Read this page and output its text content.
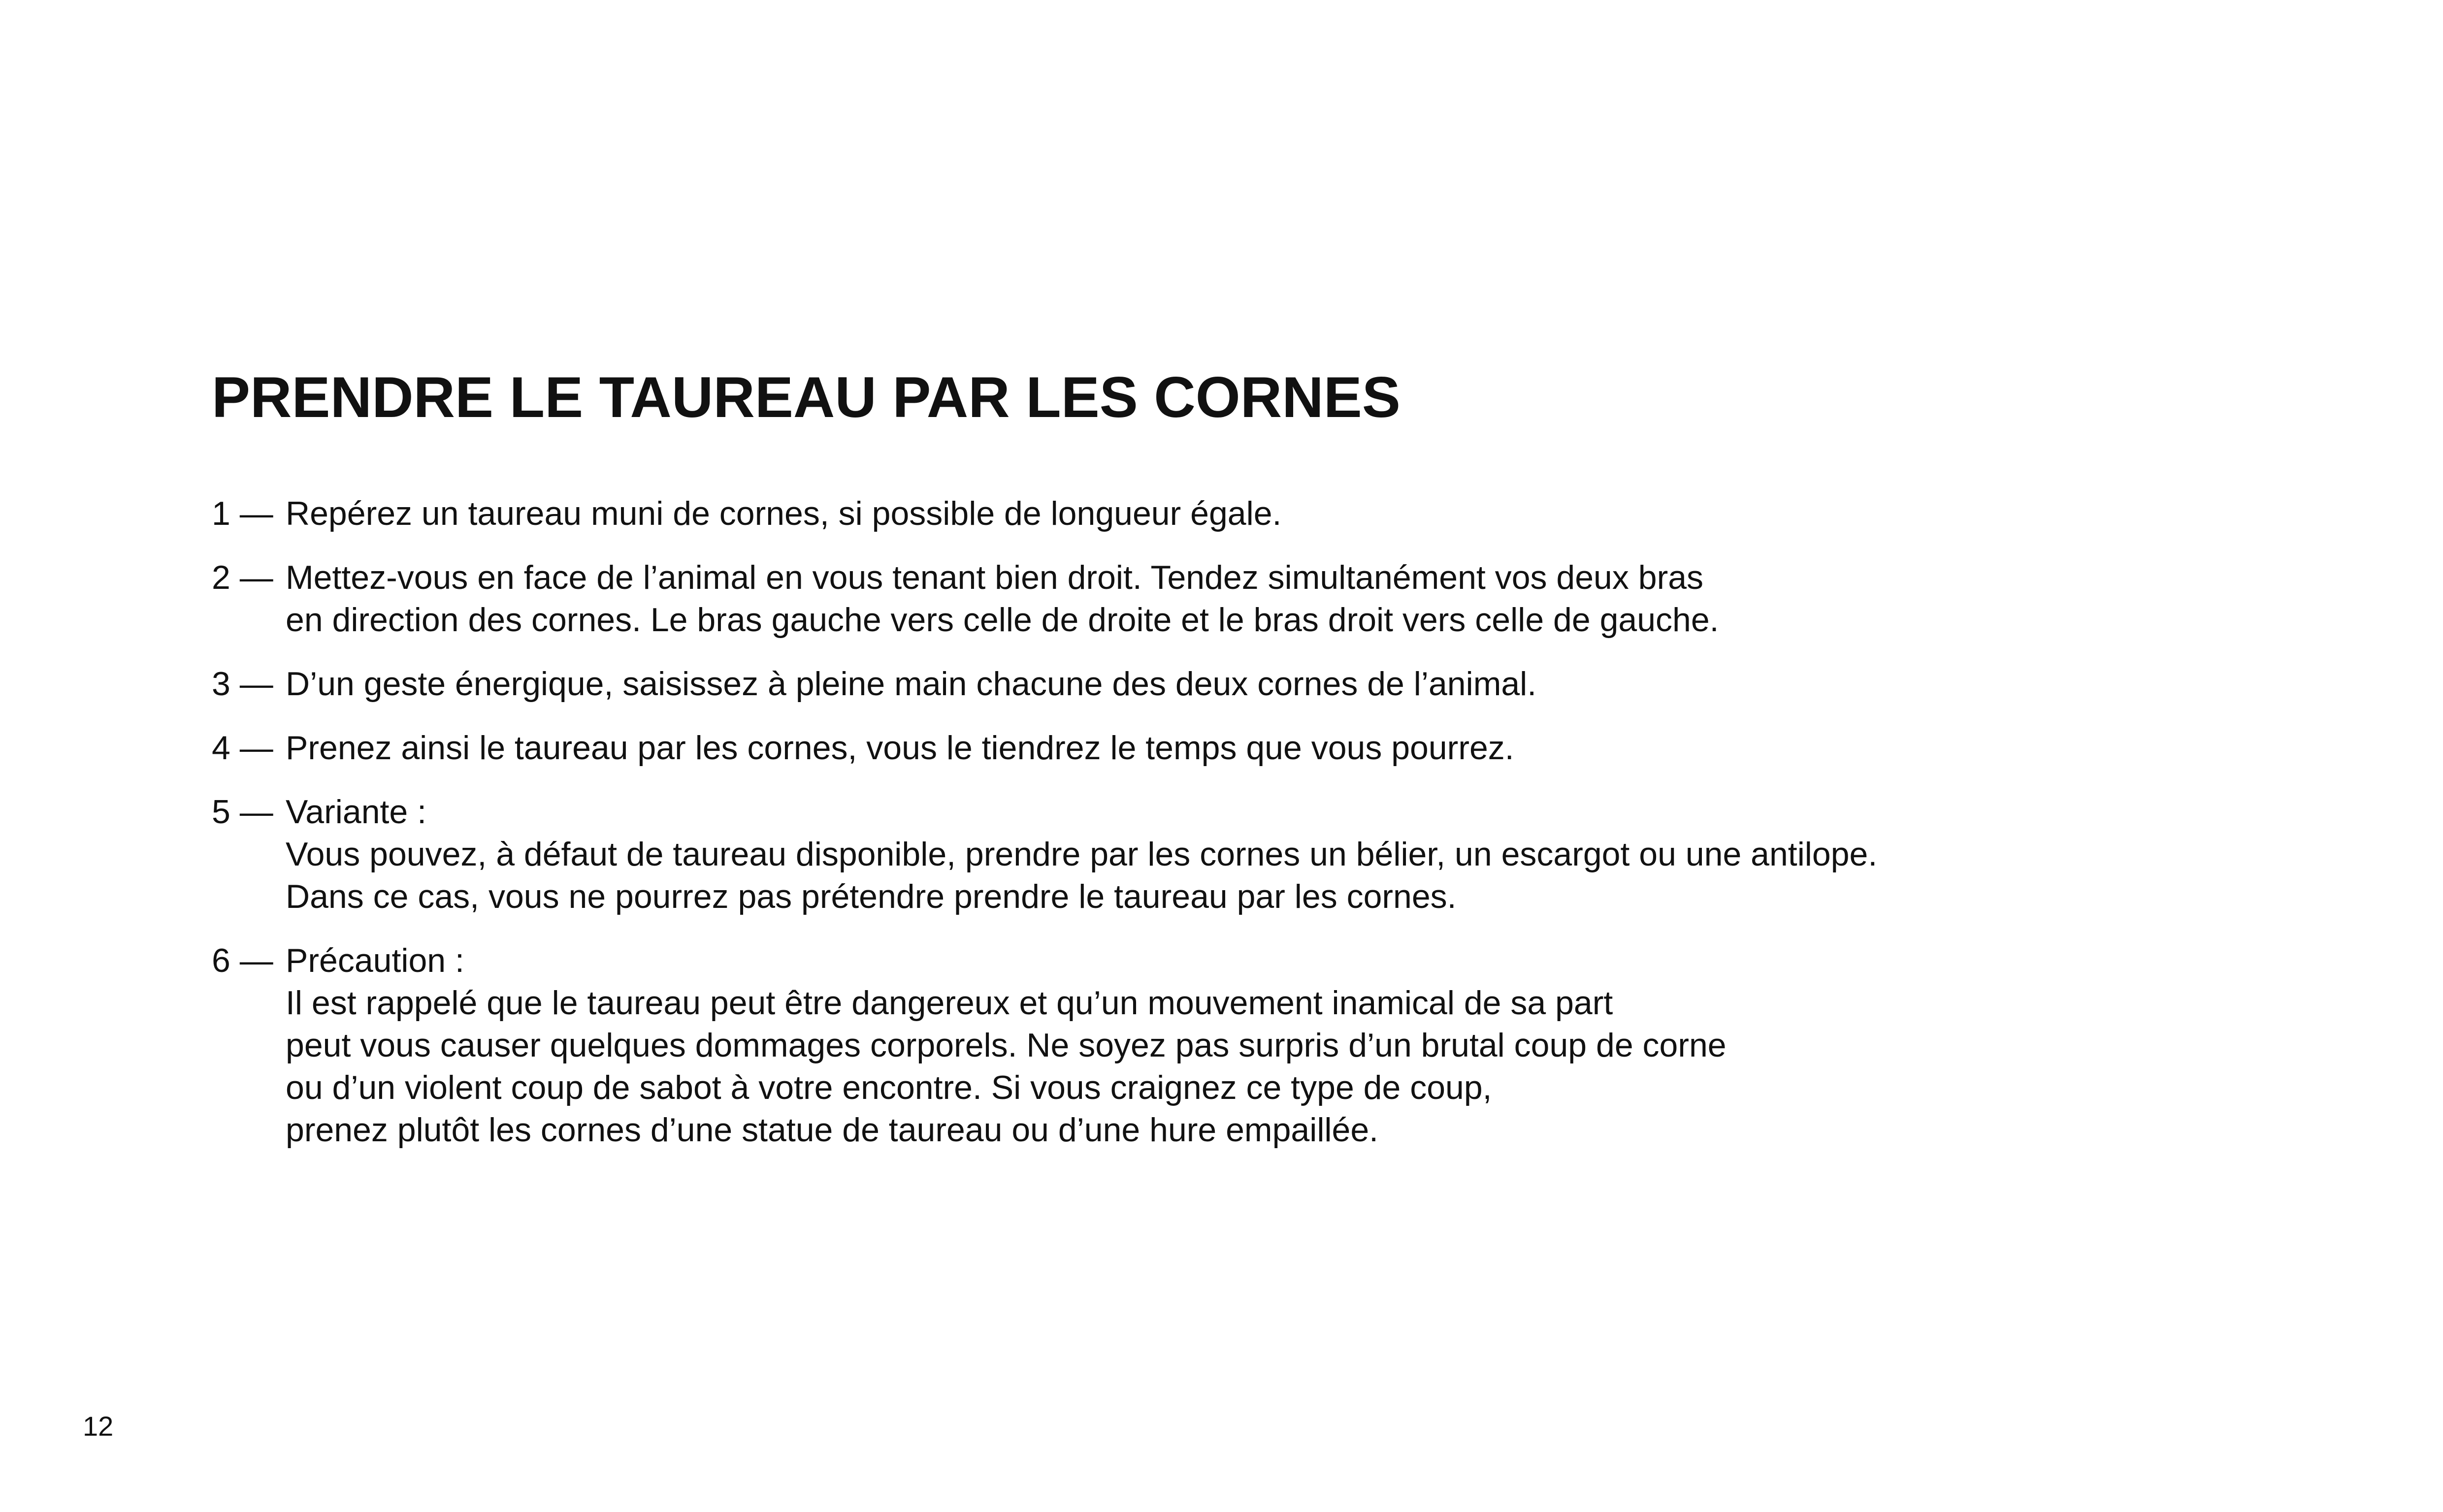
PRENDRE LE TAUREAU PAR LES CORNES
1 — Repérez un taureau muni de cornes, si possible de longueur égale.
2 — Mettez-vous en face de l’animal en vous tenant bien droit. Tendez simultanément vos deux bras
en direction des cornes. Le bras gauche vers celle de droite et le bras droit vers celle de gauche.
3 — D’un geste énergique, saisissez à pleine main chacune des deux cornes de l’animal.
4 — Prenez ainsi le taureau par les cornes, vous le tiendrez le temps que vous pourrez.
5 — Variante :
Vous pouvez, à défaut de taureau disponible, prendre par les cornes un bélier, un escargot ou une antilope.
Dans ce cas, vous ne pourrez pas prétendre prendre le taureau par les cornes.
6 — Précaution :
Il est rappelé que le taureau peut être dangereux et qu’un mouvement inamical de sa part
peut vous causer quelques dommages corporels. Ne soyez pas surpris d’un brutal coup de corne
ou d’un violent coup de sabot à votre encontre. Si vous craignez ce type de coup,
prenez plutôt les cornes d’une statue de taureau ou d’une hure empaillée.
12
